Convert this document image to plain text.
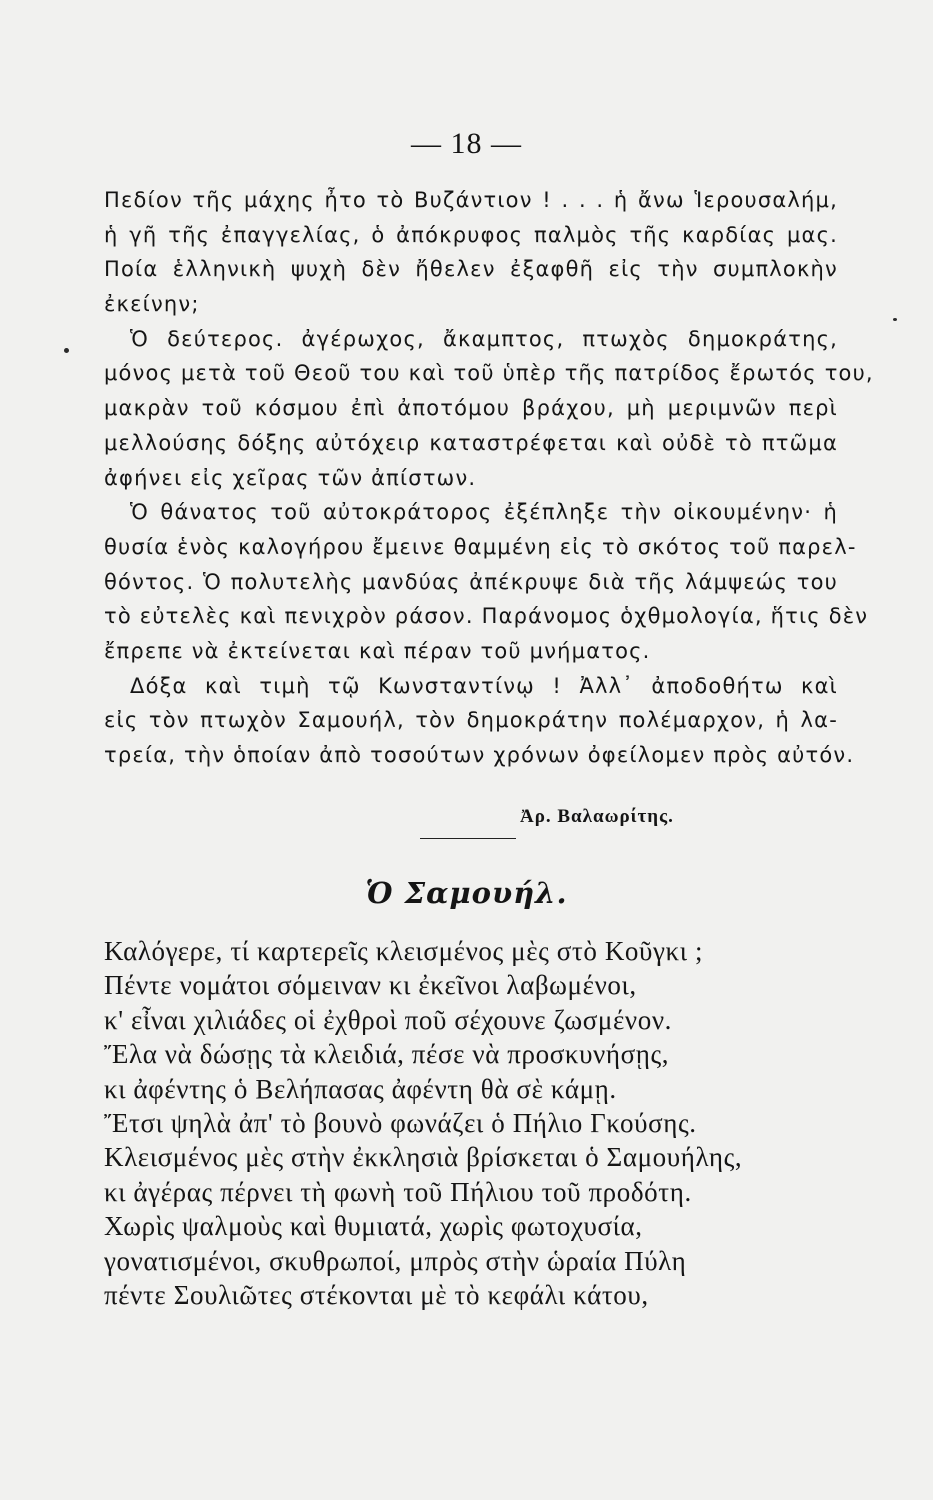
— 18 —
Πεδίον τῆς μάχης ἦτο τὸ Βυζάντιον ! . . . ἡ ἄνω Ἱερουσαλήμ,
ἡ γῆ τῆς ἐπαγγελίας, ὁ ἀπόκρυφος παλμὸς τῆς καρδίας μας.
Ποία ἑλληνικὴ ψυχὴ δὲν ἤθελεν ἐξαφθῆ εἰς τὴν συμπλοκὴν
ἐκείνην;
Ὁ δεύτερος. ἀγέρωχος, ἄκαμπτος, πτωχὸς δημοκράτης,
μόνος μετὰ τοῦ Θεοῦ του καὶ τοῦ ὑπὲρ τῆς πατρίδος ἔρωτός του,
μακρὰν τοῦ κόσμου ἐπὶ ἀποτόμου βράχου, μὴ μεριμνῶν περὶ
μελλούσης δόξης αὐτόχειρ καταστρέφεται καὶ οὐδὲ τὸ πτῶμα
ἀφήνει εἰς χεῖρας τῶν ἀπίστων.
Ὁ θάνατος τοῦ αὐτοκράτορος ἐξέπληξε τὴν οἰκουμένην· ἡ
θυσία ἑνὸς καλογήρου ἔμεινε θαμμένη εἰς τὸ σκότος τοῦ παρελ-
θόντος. Ὁ πολυτελὴς μανδύας ἀπέκρυψε διὰ τῆς λάμψεώς του
τὸ εὐτελὲς καὶ πενιχρὸν ράσον. Παράνομος ὁχθμολογία, ἥτις δὲν
ἔπρεπε νὰ ἐκτείνεται καὶ πέραν τοῦ μνήματος.
Δόξα καὶ τιμὴ τῷ Κωνσταντίνῳ ! Ἀλλ᾽ ἀποδοθήτω καὶ
εἰς τὸν πτωχὸν Σαμουήλ, τὸν δημοκράτην πολέμαρχον, ἡ λα-
τρεία, τὴν ὁποίαν ἀπὸ τοσούτων χρόνων ὀφείλομεν πρὸς αὐτόν.
Ἀρ. Βαλαωρίτης.
Ὁ Σαμουήλ.
Καλόγερε, τί καρτερεῖς κλεισμένος μὲς στὸ Κοῦγκι ;
Πέντε νομάτοι σόμειναν κι ἐκεῖνοι λαβωμένοι,
κ' εἶναι χιλιάδες οἱ ἐχθροὶ ποῦ σέχουνε ζωσμένον.
Ἔλα νὰ δώσῃς τὰ κλειδιά, πέσε νὰ προσκυνήσῃς,
κι ἀφέντης ὁ Βελήπασας ἀφέντη θὰ σὲ κάμῃ.
Ἔτσι ψηλὰ ἀπ' τὸ βουνὸ φωνάζει ὁ Πήλιο Γκούσης.
Κλεισμένος μὲς στὴν ἐκκλησιὰ βρίσκεται ὁ Σαμουήλης,
κι ἀγέρας πέρνει τὴ φωνὴ τοῦ Πήλιου τοῦ προδότη.
Χωρὶς ψαλμοὺς καὶ θυμιατά, χωρὶς φωτοχυσία,
γονατισμένοι, σκυθρωποί, μπρὸς στὴν ὡραία Πύλη
πέντε Σουλιῶτες στέκονται μὲ τὸ κεφάλι κάτου,
